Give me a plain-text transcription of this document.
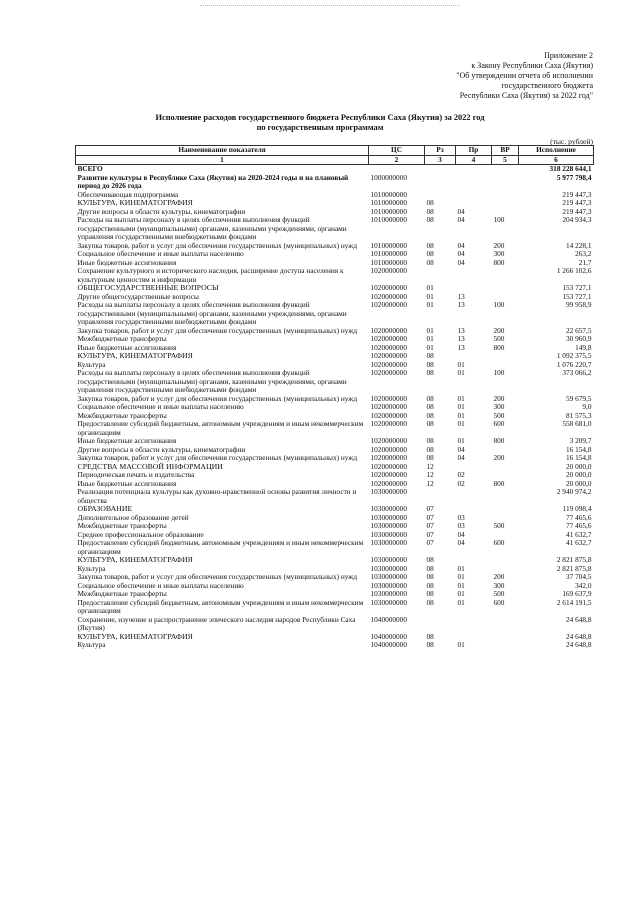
Приложение 2
к Закону Республики Саха (Якутия)
"Об утверждении отчета об исполнении
государственного бюджета
Республики Саха (Якутия) за 2022 год"
Исполнение расходов государственного бюджета Республики Саха (Якутия) за 2022 год
по государственным программам
(тыс. рублей)
Наименование показателя	ЦС	Рз	Пр	ВР	Исполнение
1	2	3	4	5	6
ВСЕГО					318 228 644,1
Развитие культуры в Республике Саха (Якутия) на 2020-2024 годы и на плановый период до 2026 года	1000000000				5 977 798,4
Обеспечивающая подпрограмма	1010000000				219 447,3
КУЛЬТУРА, КИНЕМАТОГРАФИЯ	1010000000	08			219 447,3
Другие вопросы в области культуры, кинематографии	1010000000	08	04		219 447,3
Расходы на выплаты персоналу в целях обеспечения выполнения функций государственными (муниципальными) органами, казенными учреждениями, органами управления государственными внебюджетными фондами	1010000000	08	04	100	204 934,3
Закупка товаров, работ и услуг для обеспечения государственных (муниципальных) нужд	1010000000	08	04	200	14 228,1
Социальное обеспечение и иные выплаты населению	1010000000	08	04	300	263,2
Иные бюджетные ассигнования	1010000000	08	04	800	21,7
Сохранение культурного и исторического наследия, расширение доступа населения к культурным ценностям и информации	1020000000				1 266 102,6
ОБЩЕГОСУДАРСТВЕННЫЕ ВОПРОСЫ	1020000000	01			153 727,1
Другие общегосударственные вопросы	1020000000	01	13		153 727,1
Расходы на выплаты персоналу в целях обеспечения выполнения функций государственными (муниципальными) органами, казенными учреждениями, органами управления государственными внебюджетными фондами	1020000000	01	13	100	99 958,9
Закупка товаров, работ и услуг для обеспечения государственных (муниципальных) нужд	1020000000	01	13	200	22 657,5
Межбюджетные трансферты	1020000000	01	13	500	30 960,9
Иные бюджетные ассигнования	1020000000	01	13	800	149,8
КУЛЬТУРА, КИНЕМАТОГРАФИЯ	1020000000	08			1 092 375,5
Культура	1020000000	08	01		1 076 220,7
Расходы на выплаты персоналу в целях обеспечения выполнения функций государственными (муниципальными) органами, казенными учреждениями, органами управления государственными внебюджетными фондами	1020000000	08	01	100	373 066,2
Закупка товаров, работ и услуг для обеспечения государственных (муниципальных) нужд	1020000000	08	01	200	59 679,5
Социальное обеспечение и иные выплаты населению	1020000000	08	01	300	9,0
Межбюджетные трансферты	1020000000	08	01	500	81 575,3
Предоставление субсидий бюджетным, автономным учреждениям и иным некоммерческим организациям	1020000000	08	01	600	558 681,0
Иные бюджетные ассигнования	1020000000	08	01	800	3 209,7
Другие вопросы в области культуры, кинематографии	1020000000	08	04		16 154,8
Закупка товаров, работ и услуг для обеспечения государственных (муниципальных) нужд	1020000000	08	04	200	16 154,8
СРЕДСТВА МАССОВОЙ ИНФОРМАЦИИ	1020000000	12			20 000,0
Периодическая печать и издательства	1020000000	12	02		20 000,0
Иные бюджетные ассигнования	1020000000	12	02	800	20 000,0
Реализация потенциала культуры как духовно-нравственной основы развития личности и общества	1030000000				2 940 974,2
ОБРАЗОВАНИЕ	1030000000	07			119 098,4
Дополнительное образование детей	1030000000	07	03		77 465,6
Межбюджетные трансферты	1030000000	07	03	500	77 465,6
Среднее профессиональное образование	1030000000	07	04		41 632,7
Предоставление субсидий бюджетным, автономным учреждениям и иным некоммерческим организациям	1030000000	07	04	600	41 632,7
КУЛЬТУРА, КИНЕМАТОГРАФИЯ	1030000000	08			2 821 875,8
Культура	1030000000	08	01		2 821 875,8
Закупка товаров, работ и услуг для обеспечения государственных (муниципальных) нужд	1030000000	08	01	200	37 704,5
Социальное обеспечение и иные выплаты населению	1030000000	08	01	300	342,0
Межбюджетные трансферты	1030000000	08	01	500	169 637,9
Предоставление субсидий бюджетным, автономным учреждениям и иным некоммерческим организациям	1030000000	08	01	600	2 614 191,5
Сохранение, изучение и распространение эпического наследия народов Республики Саха (Якутия)	1040000000				24 648,8
КУЛЬТУРА, КИНЕМАТОГРАФИЯ	1040000000	08			24 648,8
Культура	1040000000	08	01		24 648,8
